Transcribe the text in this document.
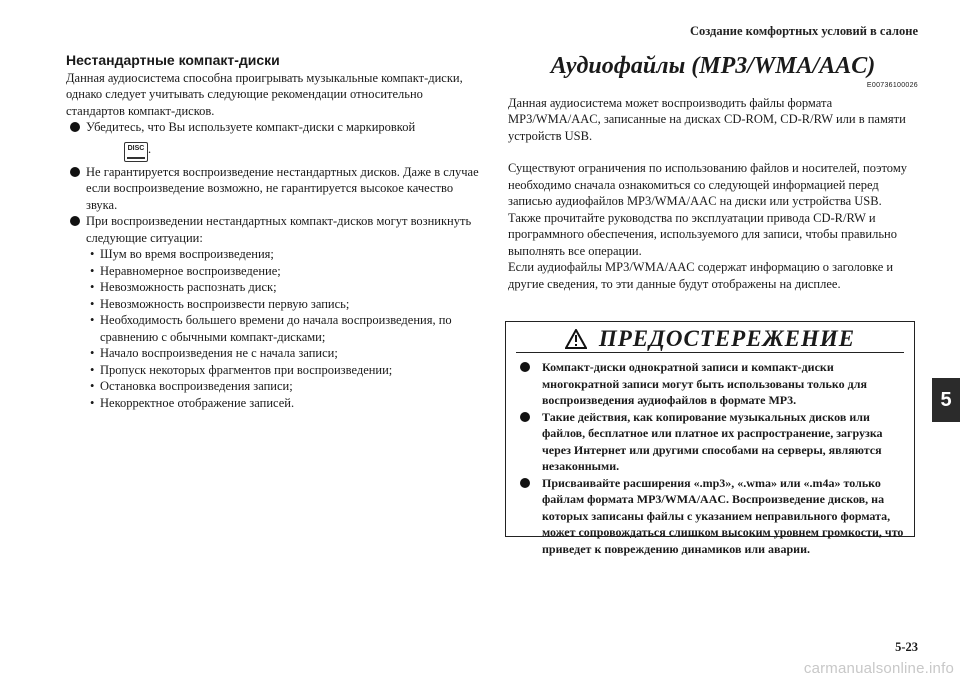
Создание комфортных условий в салоне
5
Нестандартные компакт-диски

Данная аудиосистема способна проигрывать музыкальные компакт-диски, однако следует учитывать следующие рекомендации относительно стандартов компакт-дисков.

Убедитесь, что Вы используете компакт-диски с маркировкой
DISC .
Не гарантируется воспроизведение нестандартных дисков. Даже в случае если воспроизведение возможно, не гарантируется высокое качество звука.
При воспроизведении нестандартных компакт-дисков могут возникнуть следующие ситуации:
• Шум во время воспроизведения;
• Неравномерное воспроизведение;
• Невозможность распознать диск;
• Невозможность воспроизвести первую запись;
• Необходимость большего времени до начала воспроизведения, по сравнению с обычными компакт-дисками;
• Начало воспроизведения не с начала записи;
• Пропуск некоторых фрагментов при воспроизведении;
• Остановка воспроизведения записи;
• Некорректное отображение записей.
Аудиофайлы (MP3/WMA/AAC)
E00736100026

Данная аудиосистема может воспроизводить файлы формата MP3/WMA/AAC, записанные на дисках CD-ROM, CD-R/RW или в памяти устройств USB.

Существуют ограничения по использованию файлов и носителей, поэтому необходимо сначала ознакомиться со следующей информацией перед записью аудиофайлов MP3/WMA/AAC на диски или устройства USB.

Также прочитайте руководства по эксплуатации привода CD-R/RW и программного обеспечения, используемого для записи, чтобы правильно выполнять все операции.

Если аудиофайлы MP3/WMA/AAC содержат информацию о заголовке и другие сведения, то эти данные будут отображены на дисплее.

ПРЕДОСТЕРЕЖЕНИЕ
Компакт-диски однократной записи и компакт-диски многократной записи могут быть использованы только для воспроизведения аудиофайлов в формате MP3.
Такие действия, как копирование музыкальных дисков или файлов, бесплатное или платное их распространение, загрузка через Интернет или другими способами на серверы, являются незаконными.
Присваивайте расширения «.mp3», «.wma» или «.m4a» только файлам формата MP3/WMA/AAC. Воспроизведение дисков, на которых записаны файлы с указанием неправильного формата, может сопровождаться слишком высоким уровнем громкости, что приведет к повреждению динамиков или аварии.
5-23
carmanualsonline.info
